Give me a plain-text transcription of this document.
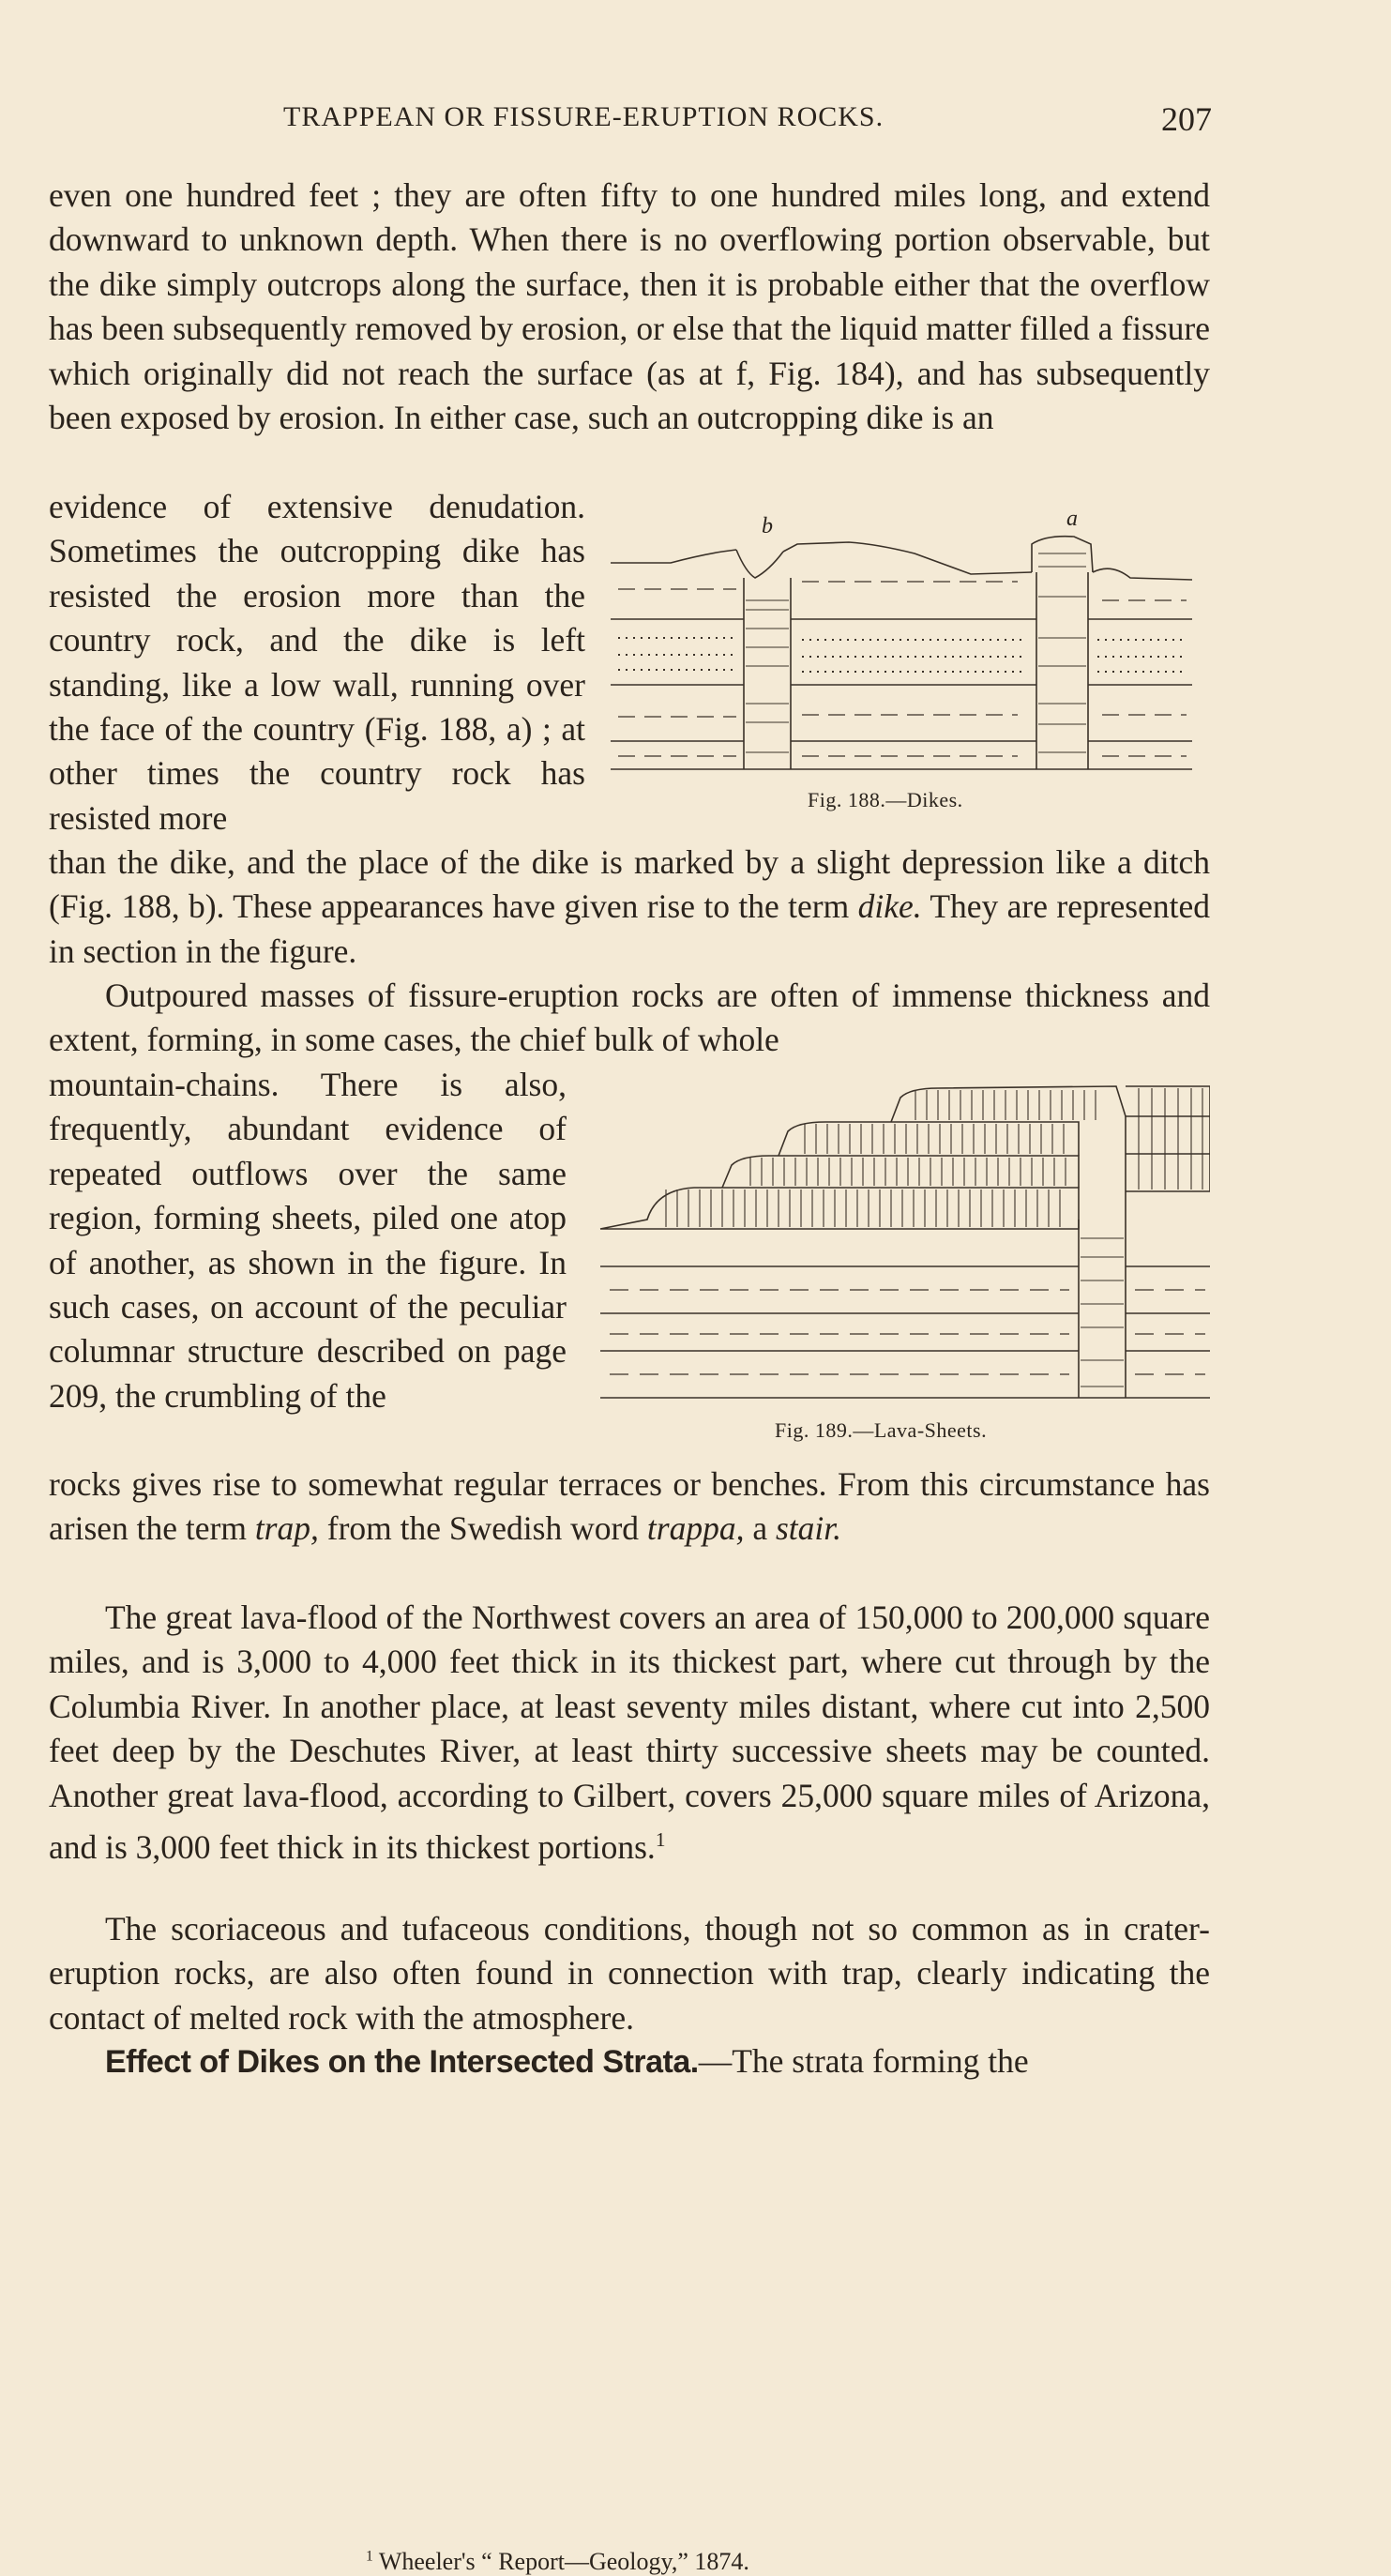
TRAPPEAN OR FISSURE-ERUPTION ROCKS.	207

even one hundred feet ; they are often fifty to one hundred miles long, and extend downward to unknown depth. When there is no overflowing portion observable, but the dike simply outcrops along the surface, then it is probable either that the overflow has been subsequently removed by erosion, or else that the liquid matter filled a fissure which originally did not reach the surface (as at f, Fig. 184), and has subsequently been exposed by erosion. In either case, such an outcropping dike is an

evidence of extensive denudation. Sometimes the outcropping dike has resisted the erosion more than the country rock, and the dike is left standing, like a low wall, running over the face of the country (Fig. 188, a) ; at other times the country rock has resisted more

b	a
Fig. 188.—Dikes.

than the dike, and the place of the dike is marked by a slight depression like a ditch (Fig. 188, b). These appearances have given rise to the term dike. They are represented in section in the figure.

Outpoured masses of fissure-eruption rocks are often of immense thickness and extent, forming, in some cases, the chief bulk of whole

mountain-chains. There is also, frequently, abundant evidence of repeated outflows over the same region, forming sheets, piled one atop of another, as shown in the figure. In such cases, on account of the peculiar columnar structure described on page 209, the crumbling of the

Fig. 189.—Lava-Sheets.

rocks gives rise to somewhat regular terraces or benches. From this circumstance has arisen the term trap, from the Swedish word trappa, a stair.

The great lava-flood of the Northwest covers an area of 150,000 to 200,000 square miles, and is 3,000 to 4,000 feet thick in its thickest part, where cut through by the Columbia River. In another place, at least seventy miles distant, where cut into 2,500 feet deep by the Deschutes River, at least thirty successive sheets may be counted. Another great lava-flood, according to Gilbert, covers 25,000 square miles of Arizona, and is 3,000 feet thick in its thickest portions.$^1$

The scoriaceous and tufaceous conditions, though not so common as in crater-eruption rocks, are also often found in connection with trap, clearly indicating the contact of melted rock with the atmosphere.

Effect of Dikes on the Intersected Strata.—The strata forming the

$^1$ Wheeler's “ Report—Geology,” 1874.
